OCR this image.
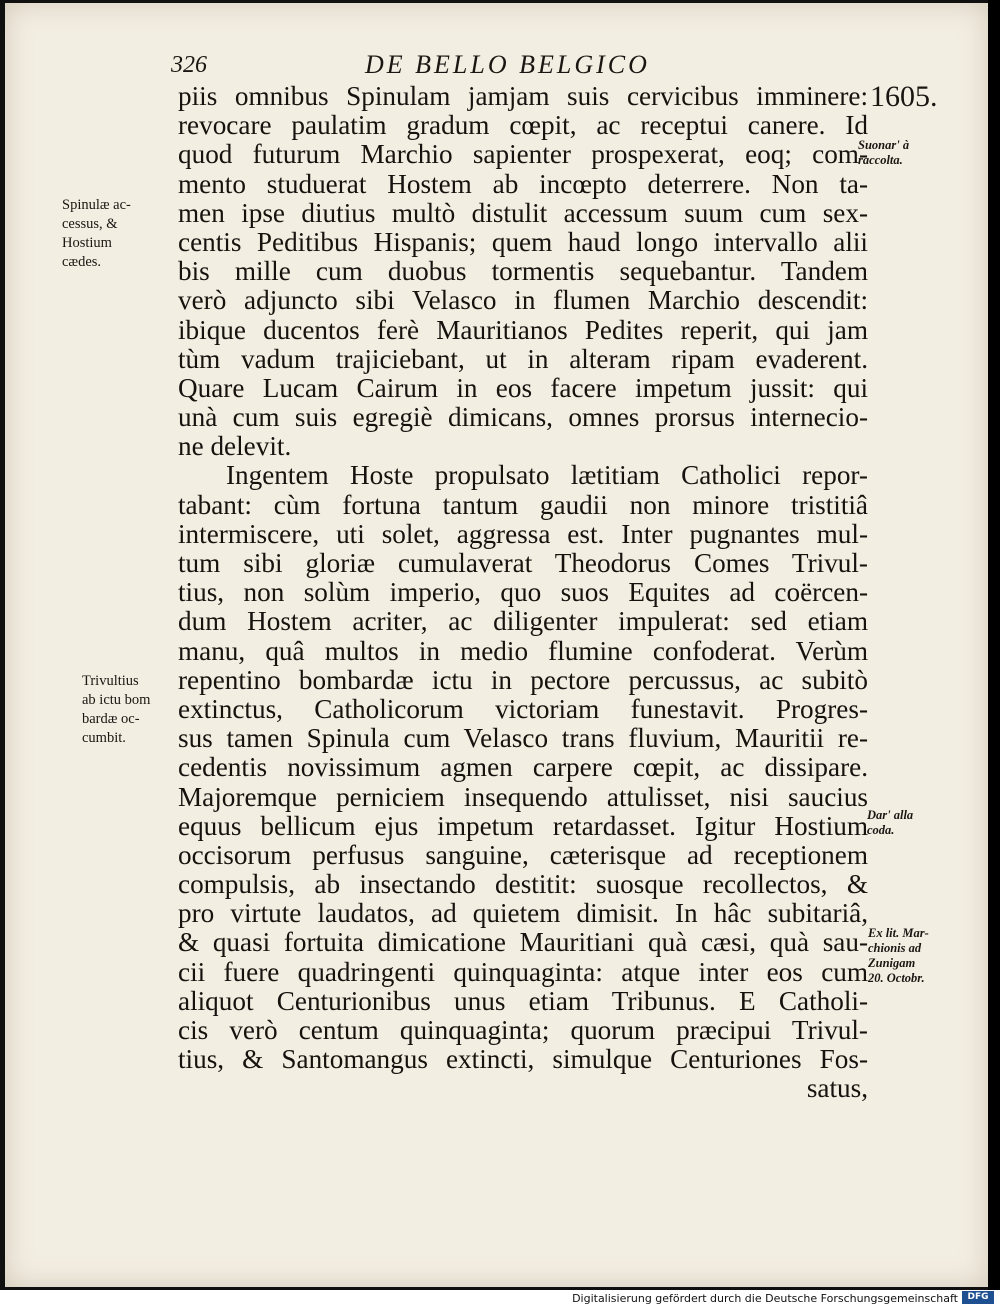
326	DE BELLO BELGICO
1605.
piis omnibus Spinulam jamjam suis cervicibus imminere:
revocare paulatim gradum cœpit, ac receptui canere. Id
quod futurum Marchio sapienter prospexerat, eoq; com-
mento studuerat Hostem ab incœpto deterrere. Non ta-
men ipse diutius multò distulit accessum suum cum sex-
centis Peditibus Hispanis; quem haud longo intervallo alii
bis mille cum duobus tormentis sequebantur. Tandem
verò adjuncto sibi Velasco in flumen Marchio descendit:
ibique ducentos ferè Mauritianos Pedites reperit, qui jam
tùm vadum trajiciebant, ut in alteram ripam evaderent.
Quare Lucam Cairum in eos facere impetum jussit: qui
unà cum suis egregiè dimicans, omnes prorsus internecio-
ne delevit.
Ingentem Hoste propulsato lætitiam Catholici repor-
tabant: cùm fortuna tantum gaudii non minore tristitiâ
intermiscere, uti solet, aggressa est. Inter pugnantes mul-
tum sibi gloriæ cumulaverat Theodorus Comes Trivul-
tius, non solùm imperio, quo suos Equites ad coërcen-
dum Hostem acriter, ac diligenter impulerat: sed etiam
manu, quâ multos in medio flumine confoderat. Verùm
repentino bombardæ ictu in pectore percussus, ac subitò
extinctus, Catholicorum victoriam funestavit. Progres-
sus tamen Spinula cum Velasco trans fluvium, Mauritii re-
cedentis novissimum agmen carpere cœpit, ac dissipare.
Majoremque perniciem insequendo attulisset, nisi saucius
equus bellicum ejus impetum retardasset. Igitur Hostium
occisorum perfusus sanguine, cæterisque ad receptionem
compulsis, ab insectando destitit: suosque recollectos, &
pro virtute laudatos, ad quietem dimisit. In hâc subitariâ,
& quasi fortuita dimicatione Mauritiani quà cæsi, quà sau-
cii fuere quadringenti quinquaginta: atque inter eos cum
aliquot Centurionibus unus etiam Tribunus. E Catholi-
cis verò centum quinquaginta; quorum præcipui Trivul-
tius, & Santomangus extincti, simulque Centuriones Fos-
satus,
Spinulæ ac-
cessus, &
Hostium
cædes.
Trivultius
ab ictu bom
bardæ oc-
cumbit.
Suonar' à
raccolta.
Dar' alla
coda.
Ex lit. Mar-
chionis ad
Zunigam
20. Octobr.
Digitalisierung gefördert durch die Deutsche Forschungsgemeinschaft	DFG
